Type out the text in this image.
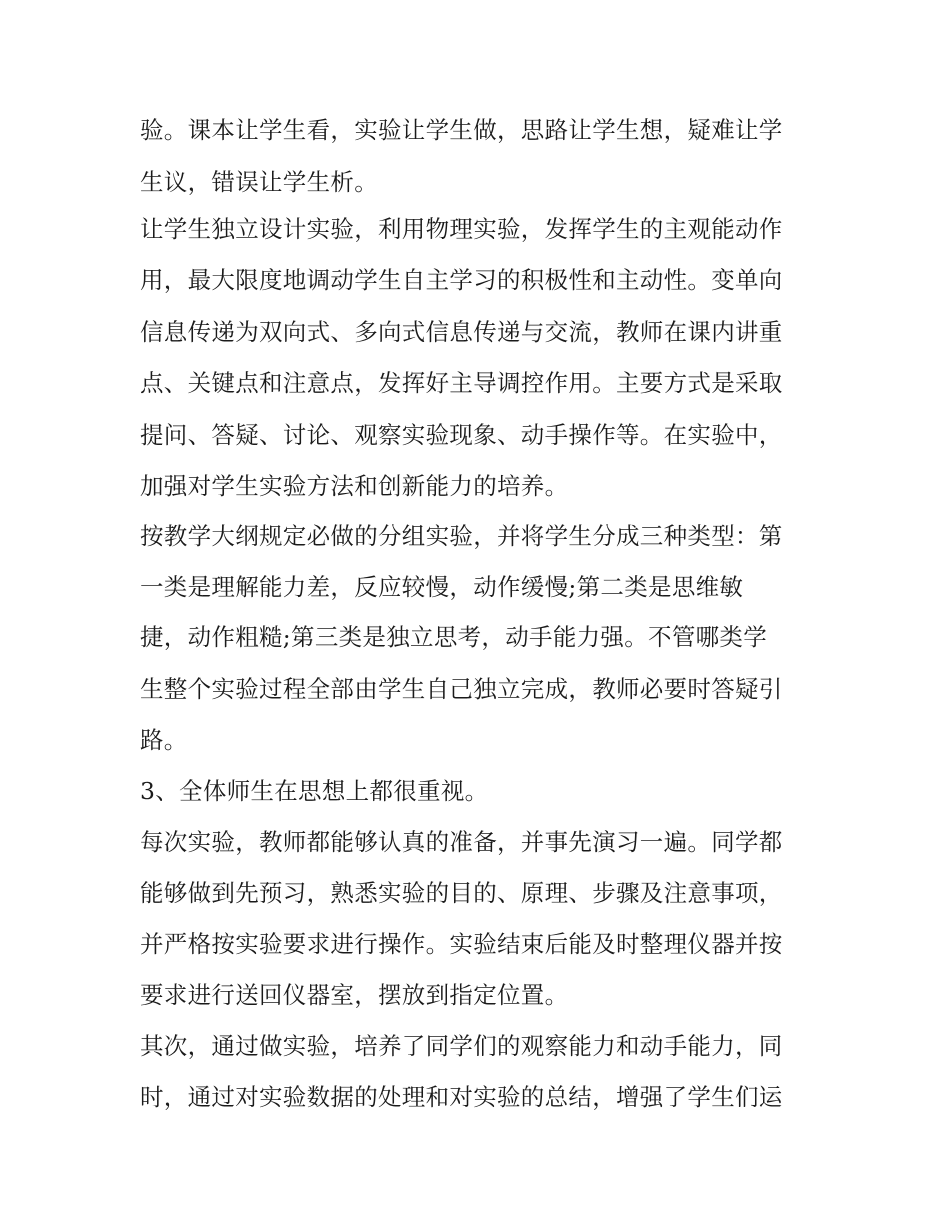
验。课本让学生看，实验让学生做，思路让学生想，疑难让学
生议，错误让学生析。
让学生独立设计实验，利用物理实验，发挥学生的主观能动作
用，最大限度地调动学生自主学习的积极性和主动性。变单向
信息传递为双向式、多向式信息传递与交流，教师在课内讲重
点、关键点和注意点，发挥好主导调控作用。主要方式是采取
提问、答疑、讨论、观察实验现象、动手操作等。在实验中，
加强对学生实验方法和创新能力的培养。
按教学大纲规定必做的分组实验，并将学生分成三种类型：第
一类是理解能力差，反应较慢，动作缓慢;第二类是思维敏
捷，动作粗糙;第三类是独立思考，动手能力强。不管哪类学
生整个实验过程全部由学生自己独立完成，教师必要时答疑引
路。
3、全体师生在思想上都很重视。
每次实验，教师都能够认真的准备，并事先演习一遍。同学都
能够做到先预习，熟悉实验的目的、原理、步骤及注意事项，
并严格按实验要求进行操作。实验结束后能及时整理仪器并按
要求进行送回仪器室，摆放到指定位置。
其次，通过做实验，培养了同学们的观察能力和动手能力，同
时，通过对实验数据的处理和对实验的总结，增强了学生们运
